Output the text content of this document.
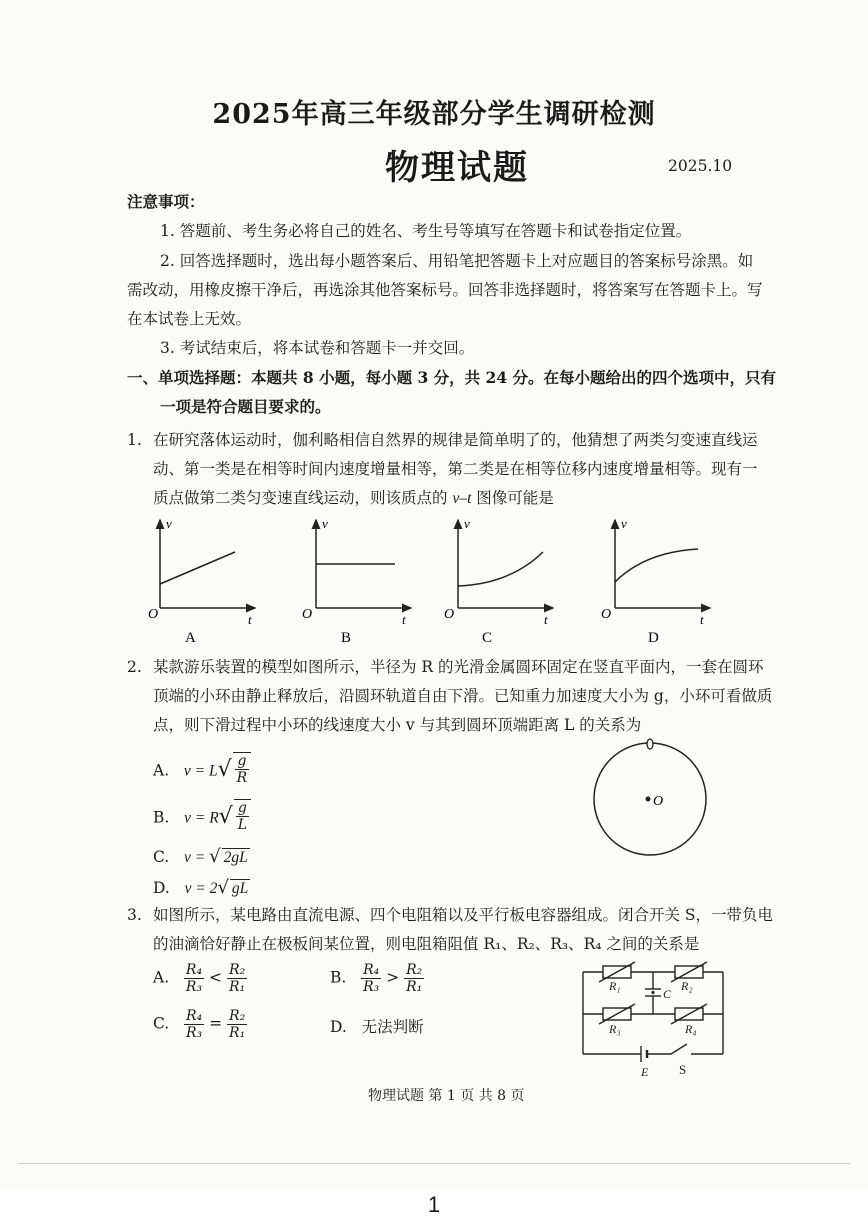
2025年高三年级部分学生调研检测
物理试题	2025.10
注意事项：
1. 答题前、考生务必将自己的姓名、考生号等填写在答题卡和试卷指定位置。
2. 回答选择题时，选出每小题答案后、用铅笔把答题卡上对应题目的答案标号涂黑。如
需改动，用橡皮擦干净后，再选涂其他答案标号。回答非选择题时，将答案写在答题卡上。写
在本试卷上无效。
3. 考试结束后，将本试卷和答题卡一并交回。
一、单项选择题：本题共 8 小题，每小题 3 分，共 24 分。在每小题给出的四个选项中，只有
一项是符合题目要求的。
1. 在研究落体运动时，伽利略相信自然界的规律是简单明了的，他猜想了两类匀变速直线运
动、第一类是在相等时间内速度增量相等，第二类是在相等位移内速度增量相等。现有一
质点做第二类匀变速直线运动，则该质点的 v–t 图像可能是
v
t
O
A
v
t
O
B
v
t
O
C
v
t
O
D
2. 某款游乐装置的模型如图所示，半径为 R 的光滑金属圆环固定在竖直平面内，一套在圆环
顶端的小环由静止释放后，沿圆环轨道自由下滑。已知重力加速度大小为 g，小环可看做质
点，则下滑过程中小环的线速度大小 v 与其到圆环顶端距离 L 的关系为
A. v = L √ $\frac{g}{R}$
B. v = R √ $\frac{g}{L}$
C. v = √ 2gL
D. v = 2√ gL
O
3. 如图所示，某电路由直流电源、四个电阻箱以及平行板电容器组成。闭合开关 S，一带负电
的油滴恰好静止在极板间某位置，则电阻箱阻值 R₁、R₂、R₃、R₄ 之间的关系是
A. $\frac{\text{R₄}}{\text{R₃}} < \frac{\text{R₂}}{\text{R₁}}$	B. $\frac{\text{R₄}}{\text{R₃}} > \frac{\text{R₂}}{\text{R₁}}$
C. $\frac{\text{R₄}}{\text{R₃}} = \frac{\text{R₂}}{\text{R₁}}$	D. 无法判断
R₁	R₂
R₃	R₄
C
E S
物理试题 第 1 页 共 8 页
1
